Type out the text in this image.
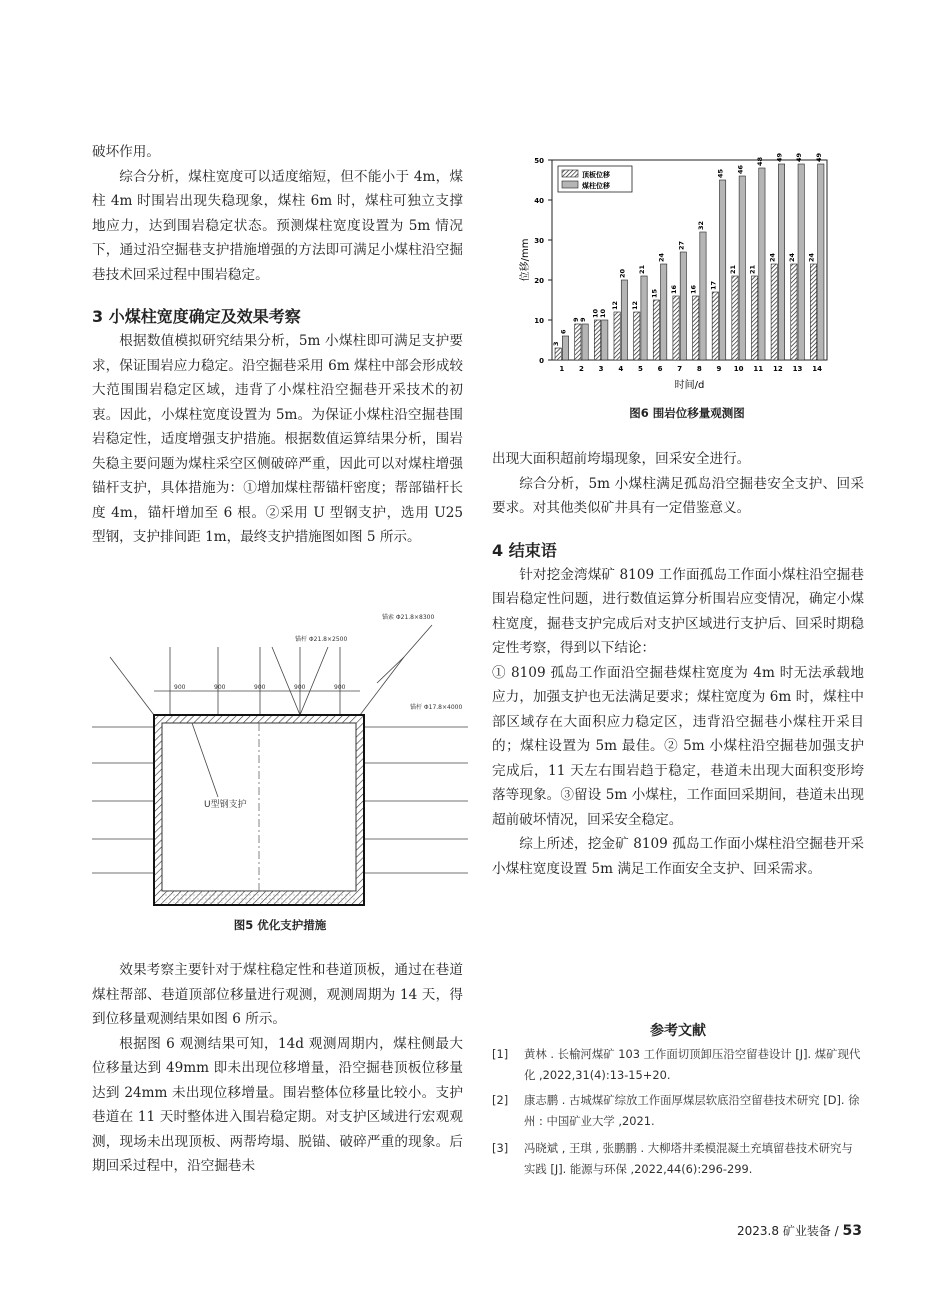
破坏作用。

综合分析，煤柱宽度可以适度缩短，但不能小于 4m，煤柱 4m 时围岩出现失稳现象，煤柱 6m 时，煤柱可独立支撑地应力，达到围岩稳定状态。预测煤柱宽度设置为 5m 情况下，通过沿空掘巷支护措施增强的方法即可满足小煤柱沿空掘巷技术回采过程中围岩稳定。

3 小煤柱宽度确定及效果考察

根据数值模拟研究结果分析，5m 小煤柱即可满足支护要求，保证围岩应力稳定。沿空掘巷采用 6m 煤柱中部会形成较大范围围岩稳定区域，违背了小煤柱沿空掘巷开采技术的初衷。因此，小煤柱宽度设置为 5m。为保证小煤柱沿空掘巷围岩稳定性，适度增强支护措施。根据数值运算结果分析，围岩失稳主要问题为煤柱采空区侧破碎严重，因此可以对煤柱增强锚杆支护，具体措施为：①增加煤柱帮锚杆密度；帮部锚杆长度 4m，锚杆增加至 6 根。②采用 U 型钢支护，选用 U25 型钢，支护排间距 1m，最终支护措施图如图 5 所示。

900	900	900	900	900
锚杆 Φ21.8×2500
锚索 Φ21.8×8300
锚杆 Φ17.8×4000
U型钢支护
图5 优化支护措施

效果考察主要针对于煤柱稳定性和巷道顶板，通过在巷道煤柱帮部、巷道顶部位移量进行观测，观测周期为 14 天，得到位移量观测结果如图 6 所示。

根据图 6 观测结果可知，14d 观测周期内，煤柱侧最大位移量达到 49mm 即未出现位移增量，沿空掘巷顶板位移量达到 24mm 未出现位移增量。围岩整体位移量比较小。支护巷道在 11 天时整体进入围岩稳定期。对支护区域进行宏观观测，现场未出现顶板、两帮垮塌、脱锚、破碎严重的现象。后期回采过程中，沿空掘巷未

0
10
20
30
40
50
1
3
6
2
9 9
3
10 10
4
12
20
5
12
21
6
15
24
7
16
27
8
16
32
9
17
45
10
21
46
11
21
48
12
24
49
13
24
49
14
24
49
顶板位移
煤柱位移
时间/d
位移/mm
图6 围岩位移量观测图

出现大面积超前垮塌现象，回采安全进行。

综合分析，5m 小煤柱满足孤岛沿空掘巷安全支护、回采要求。对其他类似矿井具有一定借鉴意义。

4 结束语

针对挖金湾煤矿 8109 工作面孤岛工作面小煤柱沿空掘巷围岩稳定性问题，进行数值运算分析围岩应变情况，确定小煤柱宽度，掘巷支护完成后对支护区域进行支护后、回采时期稳定性考察，得到以下结论：

① 8109 孤岛工作面沿空掘巷煤柱宽度为 4m 时无法承载地应力，加强支护也无法满足要求；煤柱宽度为 6m 时，煤柱中部区域存在大面积应力稳定区，违背沿空掘巷小煤柱开采目的；煤柱设置为 5m 最佳。② 5m 小煤柱沿空掘巷加强支护完成后，11 天左右围岩趋于稳定，巷道未出现大面积变形垮落等现象。③留设 5m 小煤柱，工作面回采期间，巷道未出现超前破坏情况，回采安全稳定。

综上所述，挖金矿 8109 孤岛工作面小煤柱沿空掘巷开采小煤柱宽度设置 5m 满足工作面安全支护、回采需求。

参考文献
[1] 黄林 . 长榆河煤矿 103 工作面切顶卸压沿空留巷设计 [J]. 煤矿现代化 ,2022,31(4):13-15+20.
[2] 康志鹏 . 古城煤矿综放工作面厚煤层软底沿空留巷技术研究 [D]. 徐州 : 中国矿业大学 ,2021.
[3] 冯晓斌 , 王琪 , 张鹏鹏 . 大柳塔井柔模混凝土充填留巷技术研究与实践 [J]. 能源与环保 ,2022,44(6):296-299.
2023.8 矿业装备 / 53
